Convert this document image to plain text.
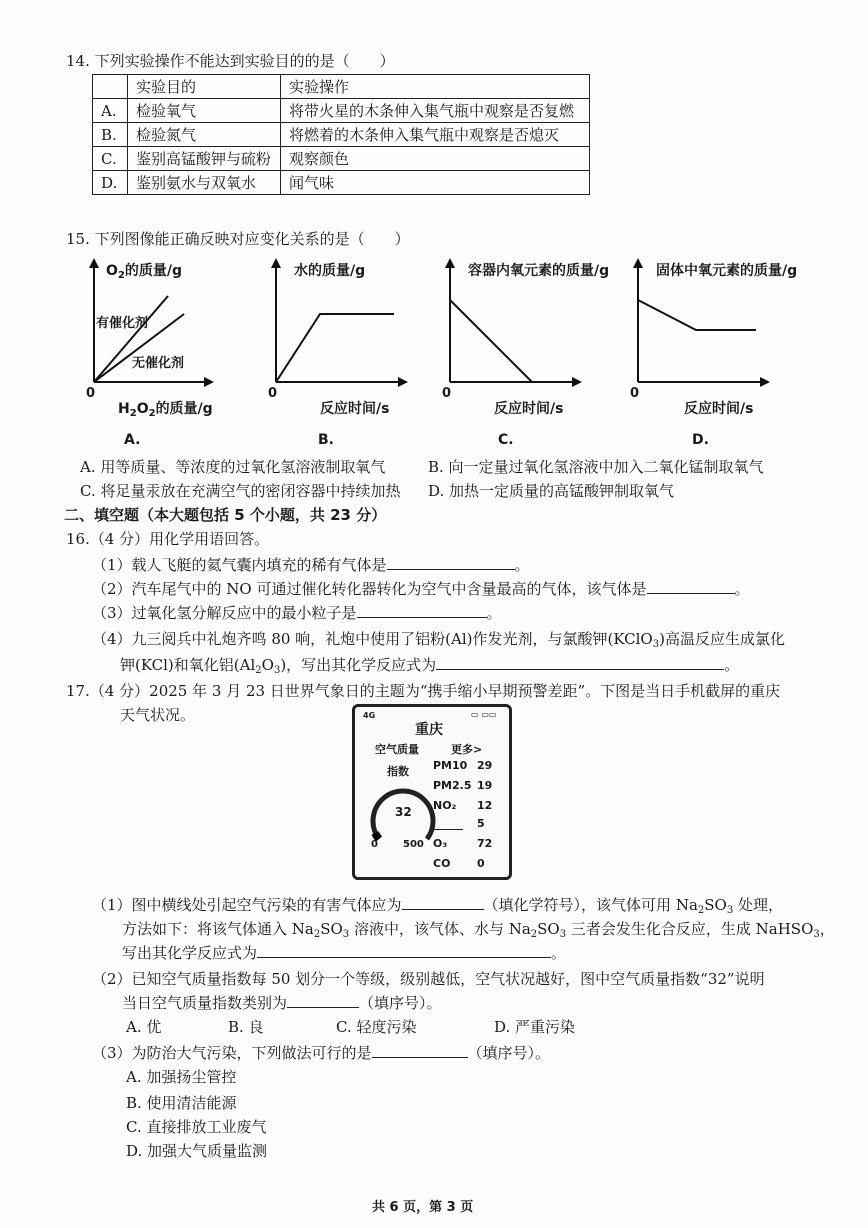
14. 下列实验操作不能达到实验目的的是（　　）
	实验目的	实验操作
A.	检验氧气	将带火星的木条伸入集气瓶中观察是否复燃
B.	检验氮气	将燃着的木条伸入集气瓶中观察是否熄灭
C.	鉴别高锰酸钾与硫粉	观察颜色
D.	鉴别氨水与双氧水	闻气味
15. 下列图像能正确反映对应变化关系的是（　　）
$O_2$的质量/g
有催化剂
无催化剂
0
$H_2O_2$的质量/g
A.
水的质量/g
0
反应时间/s
B.
容器内氧元素的质量/g
0
反应时间/s
C.
固体中氧元素的质量/g
0
反应时间/s
D.
A. 用等质量、等浓度的过氧化氢溶液制取氧气	B. 向一定量过氧化氢溶液中加入二氧化锰制取氧气
C. 将足量汞放在充满空气的密闭容器中持续加热 D. 加热一定质量的高锰酸钾制取氧气
二、填空题（本大题包括 5 个小题，共 23 分）
16.（4 分）用化学用语回答。
（1）载人飞艇的氦气囊内填充的稀有气体是	。
（2）汽车尾气中的 NO 可通过催化转化器转化为空气中含量最高的气体，该气体是	。
（3）过氧化氢分解反应中的最小粒子是	。
（4）九三阅兵中礼炮齐鸣 80 响，礼炮中使用了铝粉(Al)作发光剂，与氯酸钾(KClO$_3$)高温反应生成氯化
钾(KCl)和氧化铝$(Al_2O_3)$，写出其化学反应式为	。
17.（4 分）2025 年 3 月 23 日世界气象日的主题为“携手缩小早期预警差距”。下图是当日手机截屏的重庆
天气状况。	4G	▭ ▭▭
重庆
空气质量	更多>
指数
32
0	500
PM10 29
PM2.5 19
NO₂ 12
5
O₃	72
CO 0
（1）图中横线处引起空气污染的有害气体应为	（填化学符号），该气体可用 $Na_2SO_3$ 处理，
方法如下：将该气体通入 $Na_2SO_3$ 溶液中，该气体、水与 $Na_2SO_3$ 三者会发生化合反应，生成 NaHSO$_3$，
写出其化学反应式为	。
（2）已知空气质量指数每 50 划分一个等级，级别越低，空气状况越好，图中空气质量指数“32”说明
当日空气质量指数类别为	（填序号）。
A. 优	B. 良	C. 轻度污染	D. 严重污染
（3）为防治大气污染，下列做法可行的是	（填序号）。
A. 加强扬尘管控
B. 使用清洁能源
C. 直接排放工业废气
D. 加强大气质量监测
共 6 页，第 3 页
